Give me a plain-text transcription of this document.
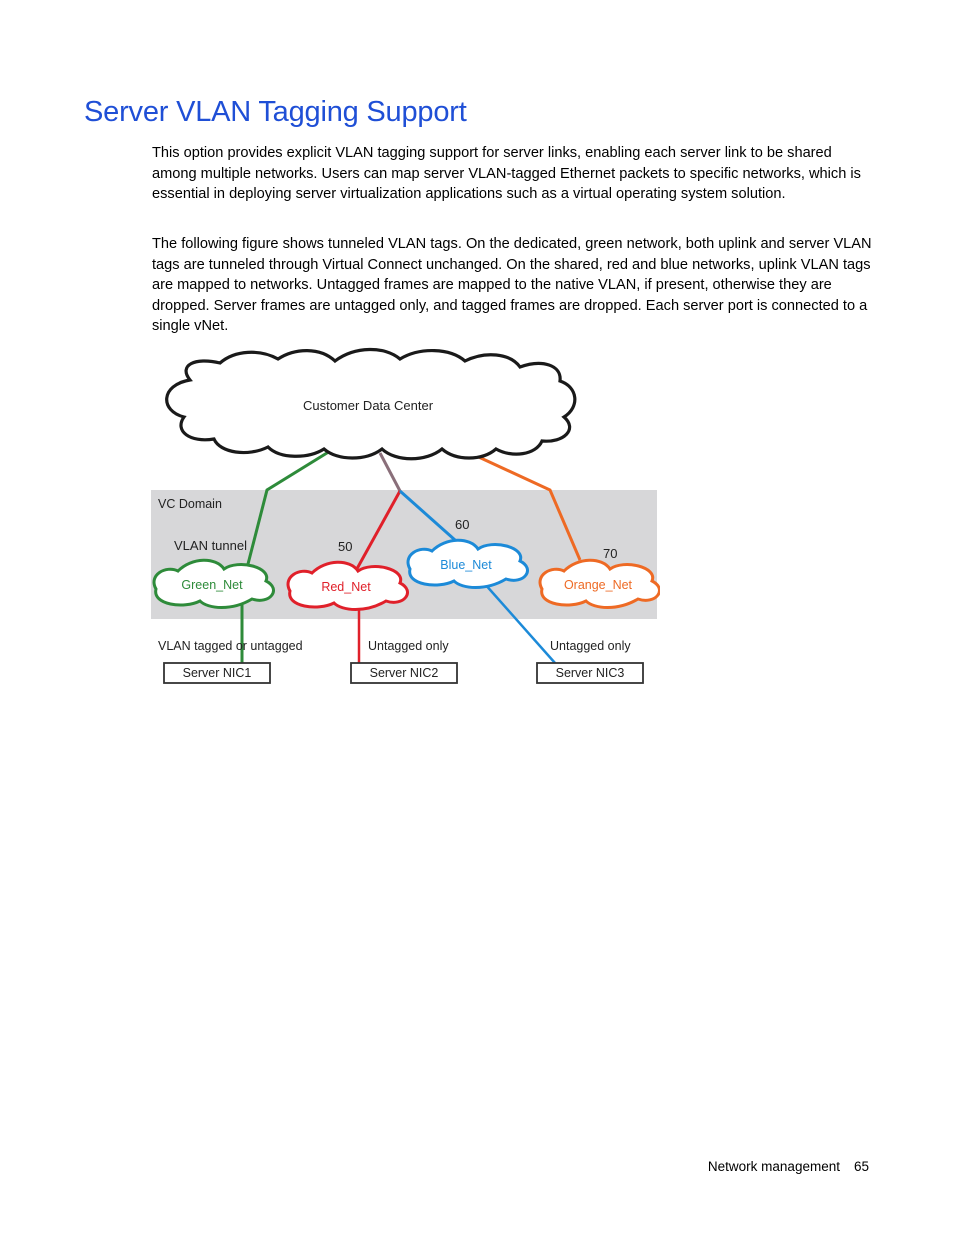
Server VLAN Tagging Support

This option provides explicit VLAN tagging support for server links, enabling each server link to be shared among multiple networks. Users can map server VLAN-tagged Ethernet packets to specific networks, which is essential in deploying server virtualization applications such as a virtual operating system solution.

The following figure shows tunneled VLAN tags. On the dedicated, green network, both uplink and server VLAN tags are tunneled through Virtual Connect unchanged. On the shared, red and blue networks, uplink VLAN tags are mapped to networks. Untagged frames are mapped to the native VLAN, if present, otherwise they are dropped. Server frames are untagged only, and tagged frames are dropped. Each server port is connected to a single vNet.

VC Domain
Customer Data Center
VLAN tunnel	50
60
70
Green_Net	Red_Net
Blue_Net
Orange_Net
VLAN tagged or untagged	Untagged only	Untagged only
Server NIC1	Server NIC2	Server NIC3
Network management 65
